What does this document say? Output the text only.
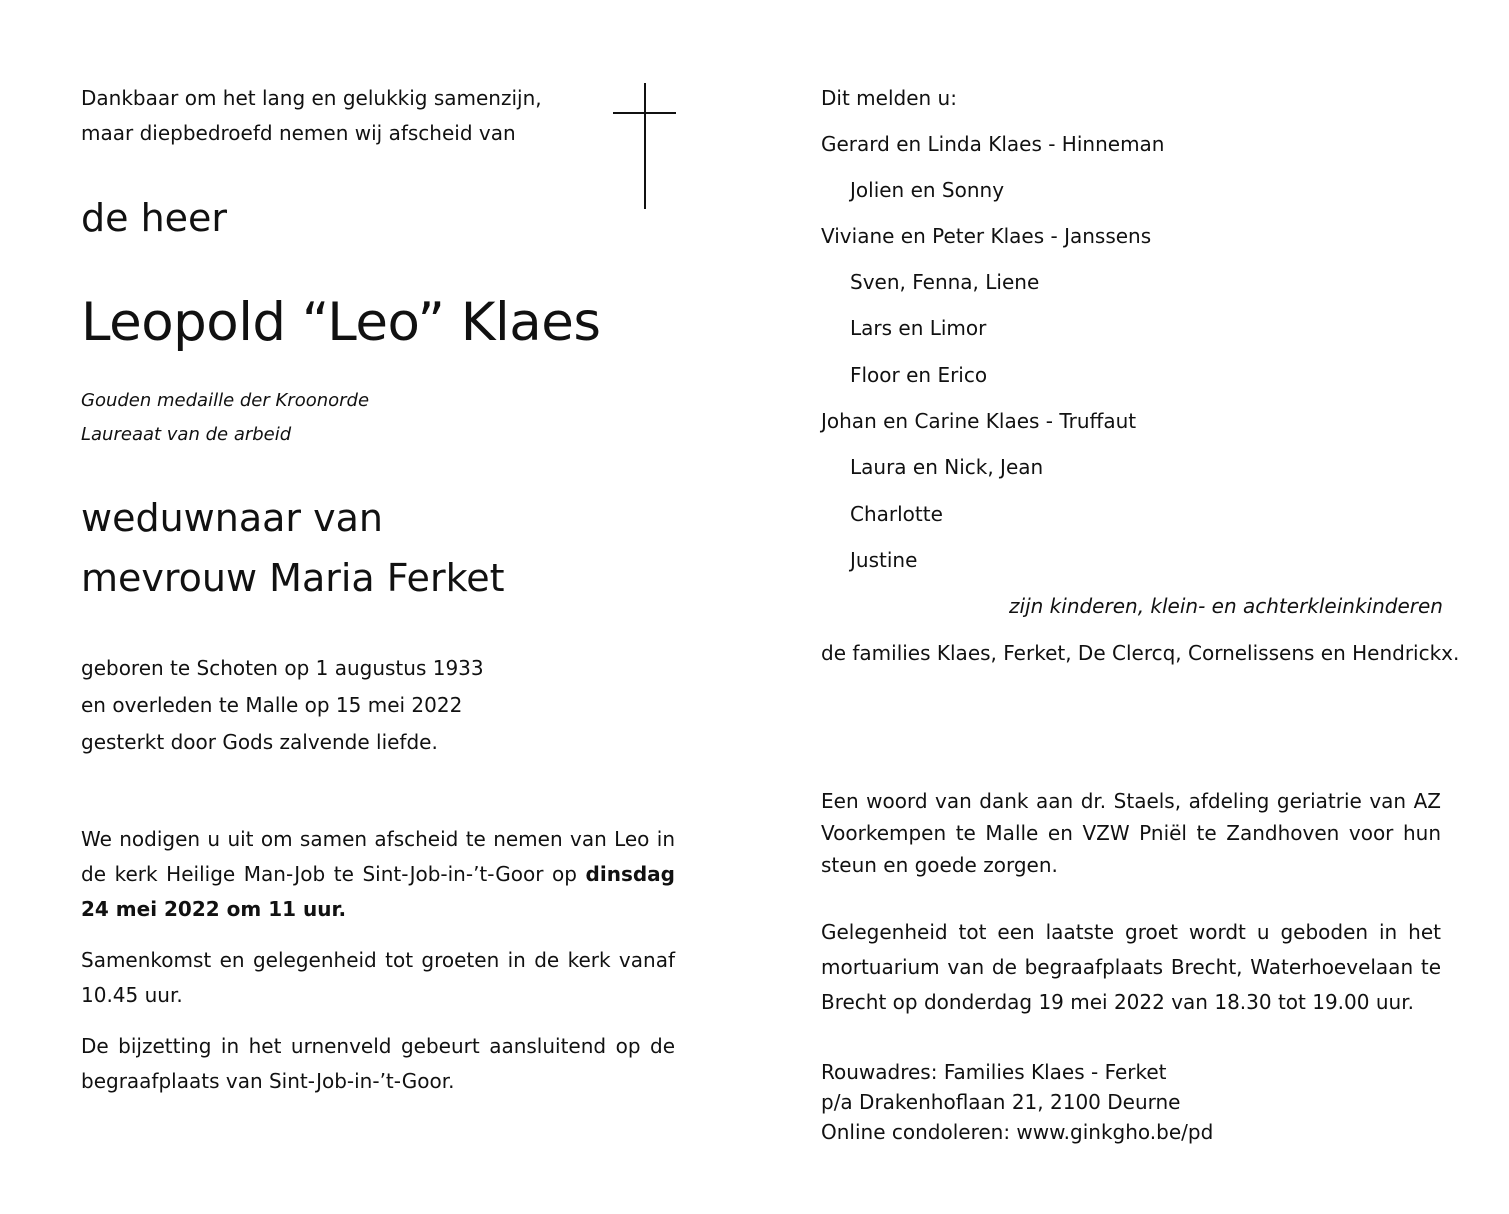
Dankbaar om het lang en gelukkig samenzijn,
maar diepbedroefd nemen wij afscheid van
de heer
Leopold “Leo” Klaes
Gouden medaille der Kroonorde
Laureaat van de arbeid
weduwnaar van
mevrouw Maria Ferket
geboren te Schoten op 1 augustus 1933
en overleden te Malle op 15 mei 2022
gesterkt door Gods zalvende liefde.
We nodigen u uit om samen afscheid te nemen van Leo in de kerk Heilige Man-Job te Sint-Job-in-’t-Goor op dinsdag 24 mei 2022 om 11 uur.
Samenkomst en gelegenheid tot groeten in de kerk vanaf 10.45 uur.
De bijzetting in het urnenveld gebeurt aansluitend op de begraafplaats van Sint-Job-in-’t-Goor.
Dit melden u:
Gerard en Linda Klaes - Hinneman
Jolien en Sonny
Viviane en Peter Klaes - Janssens
Sven, Fenna, Liene
Lars en Limor
Floor en Erico
Johan en Carine Klaes - Truffaut
Laura en Nick, Jean
Charlotte
Justine
zijn kinderen, klein- en achterkleinkinderen
de families Klaes, Ferket, De Clercq, Cornelissens en Hendrickx.
Een woord van dank aan dr. Staels, afdeling geriatrie van AZ Voorkempen te Malle en VZW Pniël te Zandhoven voor hun steun en goede zorgen.
Gelegenheid tot een laatste groet wordt u geboden in het mortuarium van de begraafplaats Brecht, Waterhoevelaan te Brecht op donderdag 19 mei 2022 van 18.30 tot 19.00 uur.
Rouwadres: Families Klaes - Ferket
p/a Drakenhoflaan 21, 2100 Deurne
Online condoleren: www.ginkgho.be/pd
